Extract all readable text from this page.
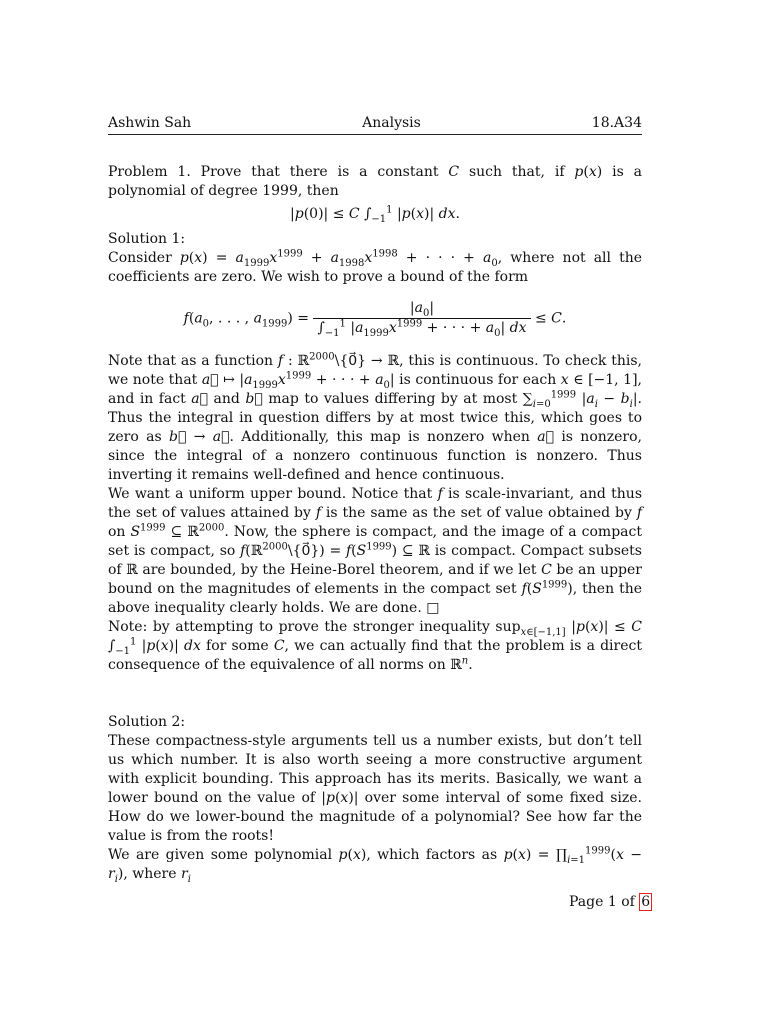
Ashwin Sah	Analysis	18.A34

Problem 1. Prove that there is a constant C such that, if p(x) is a polynomial of degree 1999, then

|p(0)| ≤ C $\int_{-1}^1$ |p(x)| dx.

Solution 1:

Consider $p(x) = a_{1999}x^{1999} + a_{1998}x^{1998}$ + · · · + $a_0$, where not all the coefficients are zero. We wish to prove a bound of the form

$f(a_0$, . . . , $a_{1999}) = \frac{|a_0|}{\int_{-1}^1 |a_{1999}x^{1999} + \cdot \cdot \cdot + a_0| dx} \le C$.

Note that as a function f : ℝ$^{2000}$\{0⃗} → ℝ, this is continuous. To check this, we note that a⃗ ↦ $|a_{1999}x^{1999}$ + · · · + $a_0|$ is continuous for each x ∈ [−1, 1], and in fact a⃗ and b⃗ map to values differing by at most $\sum_{i=0}^{1999}$ $|a_i - b_i|$. Thus the integral in question differs by at most twice this, which goes to zero as b⃗ → a⃗. Additionally, this map is nonzero when a⃗ is nonzero, since the integral of a nonzero continuous function is nonzero. Thus inverting it remains well-defined and hence continuous.

We want a uniform upper bound. Notice that f is scale-invariant, and thus the set of values attained by f is the same as the set of value obtained by f on $S^{1999}$ ⊆ ℝ$^{2000}$. Now, the sphere is compact, and the image of a compact set is compact, so f(ℝ$^{2000}$\{0⃗}) = $f(S^{1999})$ ⊆ ℝ is compact. Compact subsets of ℝ are bounded, by the Heine-Borel theorem, and if we let C be an upper bound on the magnitudes of elements in the compact set $f(S^{1999})$, then the above inequality clearly holds. We are done. □

Note: by attempting to prove the stronger inequality sup$_{x\in[-1,1]}$ |p(x)| ≤ C $\int_{-1}^1$ |p(x)| dx for some C, we can actually find that the problem is a direct consequence of the equivalence of all norms on ℝ$^n$.

Solution 2:

These compactness-style arguments tell us a number exists, but don’t tell us which number. It is also worth seeing a more constructive argument with explicit bounding. This approach has its merits. Basically, we want a lower bound on the value of |p(x)| over some interval of some fixed size. How do we lower-bound the magnitude of a polynomial? See how far the value is from the roots!

We are given some polynomial p(x), which factors as $p(x) = \prod_{i=1}^{1999}(x - r_i)$, where $r_i$

Page 1 of 6
